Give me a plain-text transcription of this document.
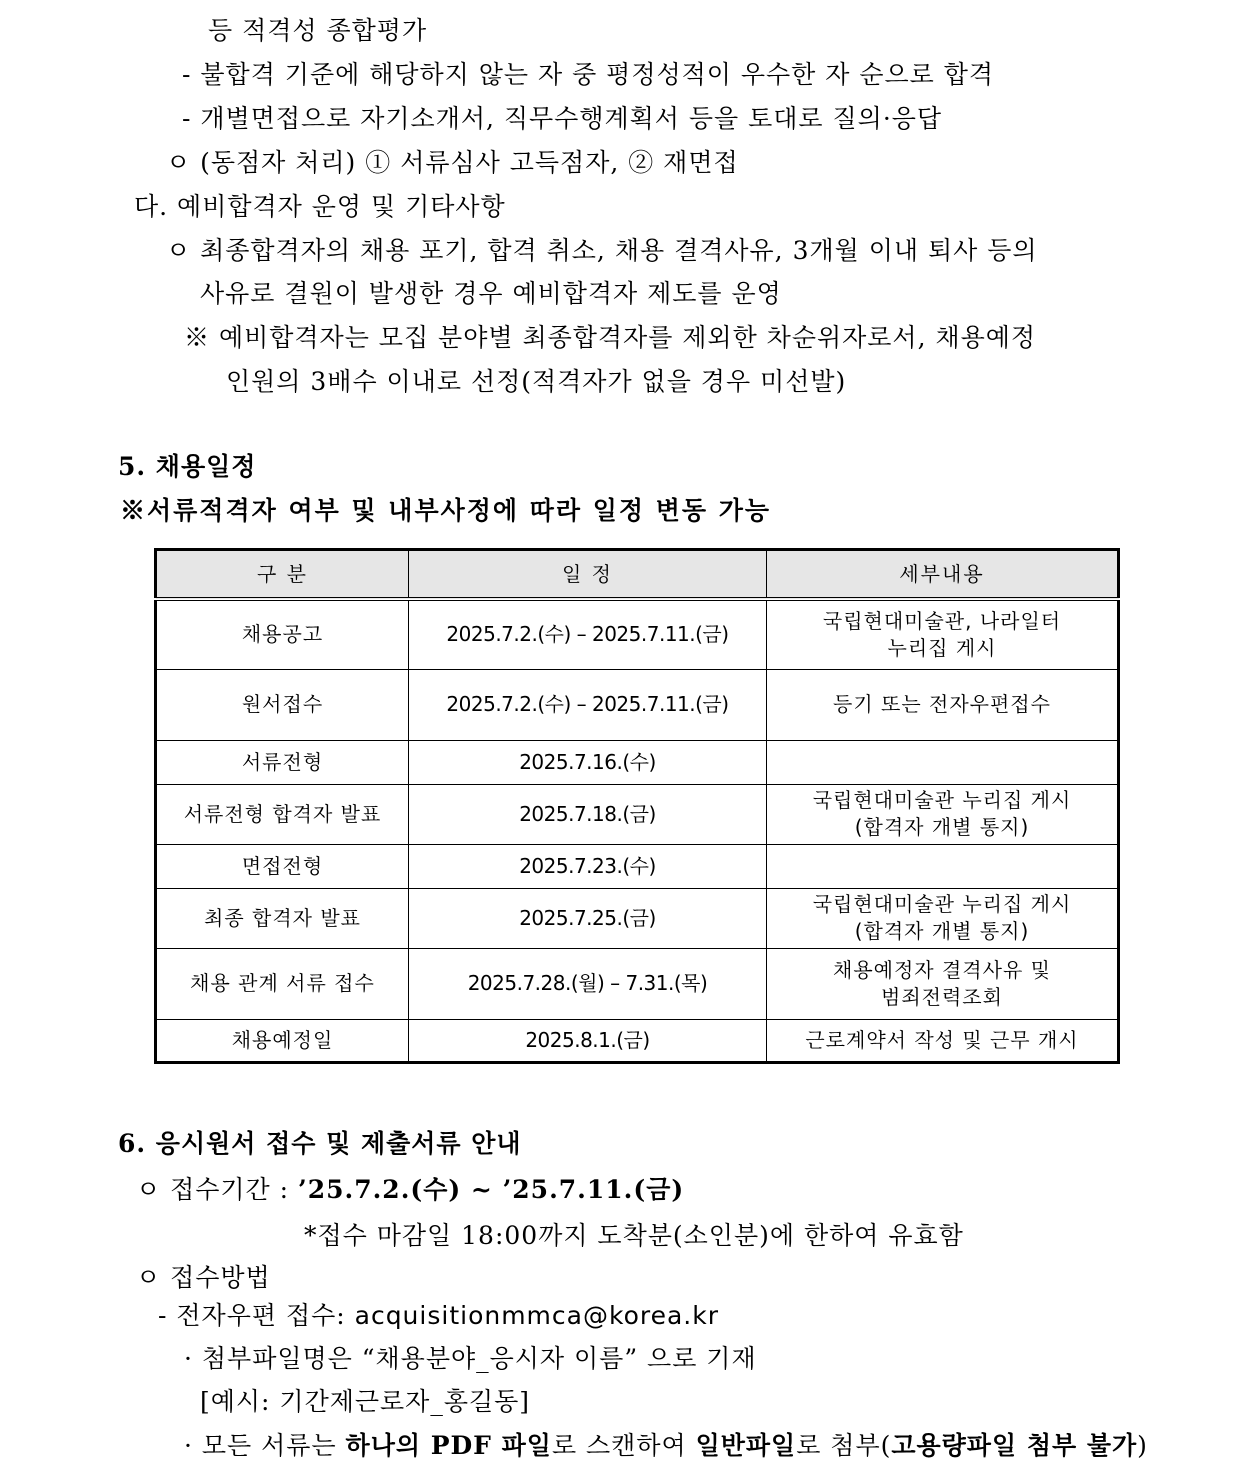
등 적격성 종합평가
- 불합격 기준에 해당하지 않는 자 중 평정성적이 우수한 자 순으로 합격
- 개별면접으로 자기소개서, 직무수행계획서 등을 토대로 질의·응답
ㅇ (동점자 처리) ① 서류심사 고득점자, ② 재면접
다. 예비합격자 운영 및 기타사항
ㅇ 최종합격자의 채용 포기, 합격 취소, 채용 결격사유, 3개월 이내 퇴사 등의
사유로 결원이 발생한 경우 예비합격자 제도를 운영
※ 예비합격자는 모집 분야별 최종합격자를 제외한 차순위자로서, 채용예정
인원의 3배수 이내로 선정(적격자가 없을 경우 미선발)
5. 채용일정
※서류적격자 여부 및 내부사정에 따라 일정 변동 가능
구 분	일 정	세부내용
채용공고	2025.7.2.(수) – 2025.7.11.(금)	국립현대미술관, 나라일터
누리집 게시

원서접수	2025.7.2.(수) – 2025.7.11.(금)	등기 또는 전자우편접수
서류전형	2025.7.16.(수)	
서류전형 합격자 발표	2025.7.18.(금)	국립현대미술관 누리집 게시
(합격자 개별 통지)

면접전형	2025.7.23.(수)	
최종 합격자 발표	2025.7.25.(금)	국립현대미술관 누리집 게시
(합격자 개별 통지)

채용 관계 서류 접수	2025.7.28.(월) – 7.31.(목)	채용예정자 결격사유 및
범죄전력조회

채용예정일	2025.8.1.(금)	근로계약서 작성 및 근무 개시
6. 응시원서 접수 및 제출서류 안내
ㅇ 접수기간 : ’25.7.2.(수) ~ ’25.7.11.(금)
*접수 마감일 18:00까지 도착분(소인분)에 한하여 유효함
ㅇ 접수방법
- 전자우편 접수: acquisitionmmca@korea.kr
· 첨부파일명은 “채용분야_응시자 이름” 으로 기재
[예시: 기간제근로자_홍길동]
· 모든 서류는 하나의 PDF 파일로 스캔하여 일반파일로 첨부(고용량파일 첨부 불가)
